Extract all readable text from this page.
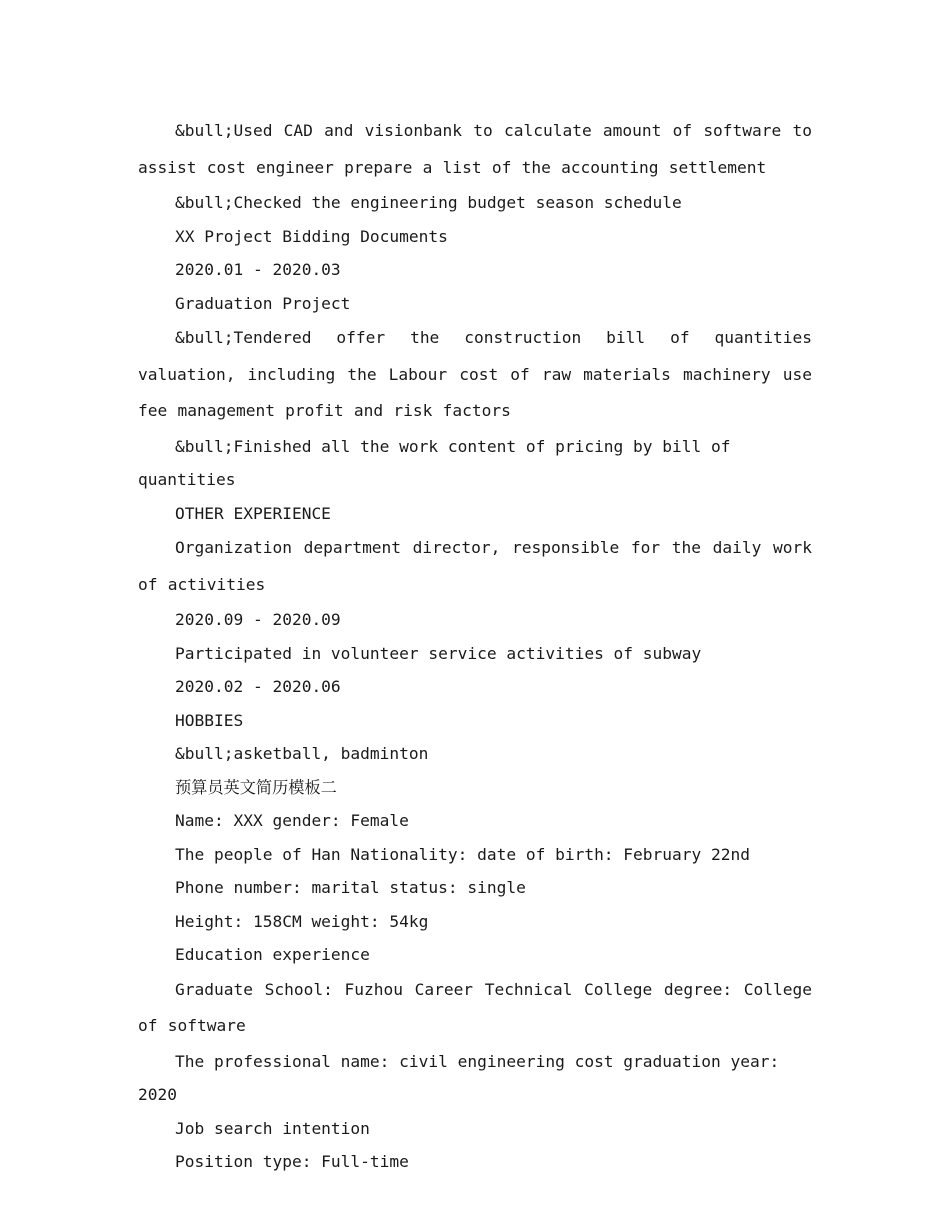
&bull;Used CAD and visionbank to calculate amount of software to assist cost engineer prepare a list of the accounting settlement

&bull;Checked the engineering budget season schedule

XX Project Bidding Documents

2020.01 - 2020.03

Graduation Project

&bull;Tendered offer the construction bill of quantities valuation, including the Labour cost of raw materials machinery use fee management profit and risk factors

&bull;Finished all the work content of pricing by bill of quantities

OTHER EXPERIENCE

Organization department director, responsible for the daily work of activities

2020.09 - 2020.09

Participated in volunteer service activities of subway

2020.02 - 2020.06

HOBBIES

&bull;asketball, badminton

预算员英文简历模板二

Name: XXX gender: Female

The people of Han Nationality: date of birth: February 22nd

Phone number: marital status: single

Height: 158CM weight: 54kg

Education experience

Graduate School: Fuzhou Career Technical College degree: College of software

The professional name: civil engineering cost graduation year: 2020

Job search intention

Position type: Full-time
